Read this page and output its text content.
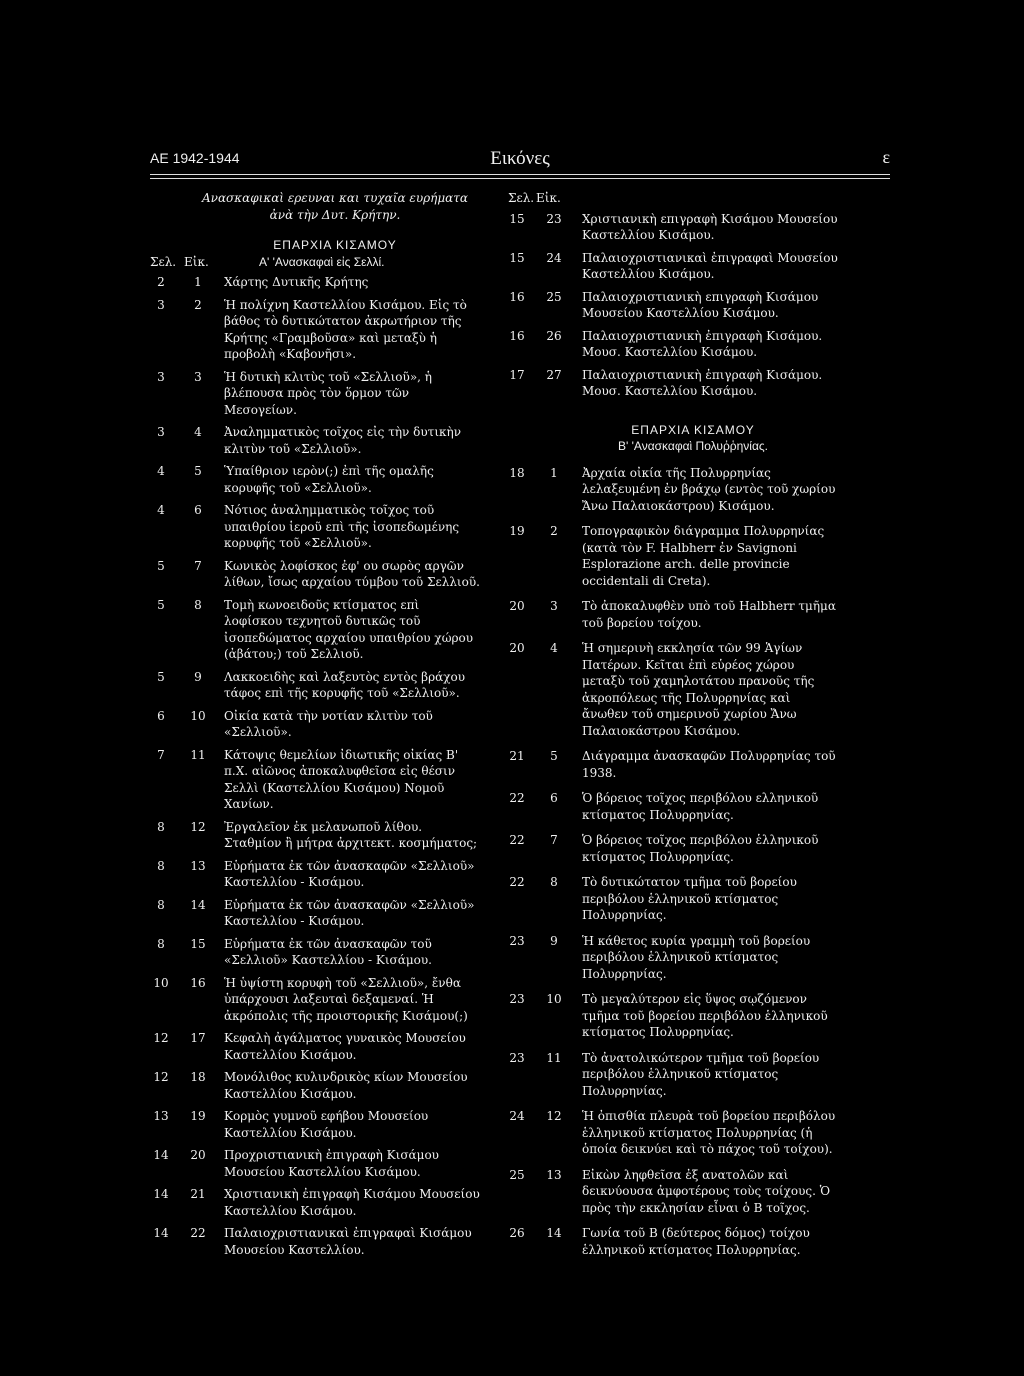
ΑΕ 1942-1944	Εικόνες	ε
Ανασκαφικαὶ ερευναι και τυχαῖα ευρήματα
ἀνὰ τὴν Δυτ. Κρήτην.
ΕΠΑΡΧΙΑ ΚΙΣΑΜΟΥ
Σελ. Εἰκ.	Α' 'Ανασκαφαὶ εἰς Σελλί.
2	1	Χάρτης Δυτικῆς Κρήτης
3	2	Ἡ πολίχνη Καστελλίου Κισάμου. Εἰς τὸ βάθος τὸ δυτικώτατον ἀκρωτήριον τῆς Κρήτης «Γραμβοῦσα» καὶ μεταξὺ ἡ προβολὴ «Καβονῆσι».
3	3	Ἡ δυτικὴ κλιτὺς τοῦ «Σελλιοῦ», ἡ βλέπουσα πρὸς τὸν ὅρμον τῶν Μεσογείων.
3	4	Ἀναλημματικὸς τοῖχος εἰς τὴν δυτικὴν κλιτὺν τοῦ «Σελλιοῦ».
4	5	Ὑπαίθριον ιερὸν(;) ἐπὶ τῆς ομαλῆς κορυφῆς τοῦ «Σελλιοῦ».
4	6	Νότιος ἀναλημματικὸς τοῖχος τοῦ υπαιθρίου ἱεροῦ επὶ τῆς ἰσοπεδωμένης κορυφῆς τοῦ «Σελλιοῦ».
5	7	Κωνικὸς λοφίσκος ἐφ' ου σωρὸς αργῶν λίθων, ἴσως αρχαίου τύμβου τοῦ Σελλιοῦ.
5	8	Τομὴ κωνοειδοῦς κτίσματος επὶ λοφίσκου τεχνητοῦ δυτικῶς τοῦ ἰσοπεδώματος αρχαίου υπαιθρίου χώρου (ἀβάτου;) τοῦ Σελλιοῦ.
5	9	Λακκοειδὴς καὶ λαξευτὸς εντὸς βράχου τάφος επὶ τῆς κορυφῆς τοῦ «Σελλιοῦ».
6	10	Οἰκία κατὰ τὴν νοτίαν κλιτὺν τοῦ «Σελλιοῦ».
7	11	Κάτοψις θεμελίων ἰδιωτικῆς οἰκίας Β' π.Χ. αἰῶνος ἀποκαλυφθεῖσα εἰς θέσιν Σελλὶ (Καστελλίου Κισάμου) Νομοῦ Χανίων.
8	12	Ἐργαλεῖον ἐκ μελανωποῦ λίθου. Σταθμίον ἢ μήτρα ἀρχιτεκτ. κοσμήματος;
8	13	Εὑρήματα ἐκ τῶν ἀνασκαφῶν «Σελλιοῦ» Καστελλίου - Κισάμου.
8	14	Εὑρήματα ἐκ τῶν ἀνασκαφῶν «Σελλιοῦ» Καστελλίου - Κισάμου.
8	15	Εὑρήματα ἐκ τῶν ἀνασκαφῶν τοῦ «Σελλιοῦ» Καστελλίου - Κισάμου.
10	16	Ἡ ὑψίστη κορυφὴ τοῦ «Σελλιοῦ», ἔνθα ὑπάρχουσι λαξευταὶ δεξαμεναί. Ἡ ἀκρόπολις τῆς προιστορικῆς Κισάμου(;)
12	17	Κεφαλὴ ἀγάλματος γυναικὸς Μουσείου Καστελλίου Κισάμου.
12	18	Μονόλιθος κυλινδρικὸς κίων Μουσείου Καστελλίου Κισάμου.
13	19	Κορμὸς γυμνοῦ εφήβου Μουσείου Καστελλίου Κισάμου.
14	20	Προχριστιανικὴ ἐπιγραφὴ Κισάμου Μουσείου Καστελλίου Κισάμου.
14	21	Χριστιανικὴ ἐπιγραφὴ Κισάμου Μουσείου Καστελλίου Κισάμου.
14	22	Παλαιοχριστιανικαὶ ἐπιγραφαὶ Κισάμου Μουσείου Καστελλίου.
Σελ. Εἰκ.
15	23	Χριστιανικὴ επιγραφὴ Κισάμου Μουσείου Καστελλίου Κισάμου.
15	24	Παλαιοχριστιανικαὶ ἐπιγραφαὶ Μουσείου Καστελλίου Κισάμου.
16	25	Παλαιοχριστιανικὴ επιγραφὴ Κισάμου Μουσείου Καστελλίου Κισάμου.
16	26	Παλαιοχριστιανικὴ ἐπιγραφὴ Κισάμου. Μουσ. Καστελλίου Κισάμου.
17	27	Παλαιοχριστιανικὴ ἐπιγραφὴ Κισάμου. Μουσ. Καστελλίου Κισάμου.
ΕΠΑΡΧΙΑ ΚΙΣΑΜΟΥ
Β' 'Ανασκαφαὶ Πολυῤῥηνίας.
18	1	Ἀρχαία οἰκία τῆς Πολυρρηνίας λελαξευμένη ἐν βράχῳ (εντὸς τοῦ χωρίου Ἄνω Παλαιοκάστρου) Κισάμου.
19	2	Τοπογραφικὸν διάγραμμα Πολυρρηνίας (κατὰ τὸν F. Halbherr ἐν Savignoni Esplorazione arch. delle provincie occidentali di Creta).
20	3	Τὸ ἀποκαλυφθὲν υπὸ τοῦ Halbherr τμῆμα τοῦ βορείου τοίχου.
20	4	Ἡ σημερινὴ εκκλησία τῶν 99 Ἁγίων Πατέρων. Κεῖται ἐπὶ εὑρέος χώρου μεταξὺ τοῦ χαμηλοτάτου πρανοῦς τῆς ἀκροπόλεως τῆς Πολυρρηνίας καὶ ἄνωθεν τοῦ σημερινοῦ χωρίου Ἄνω Παλαιοκάστρου Κισάμου.
21	5	Διάγραμμα ἀνασκαφῶν Πολυρρηνίας τοῦ 1938.
22	6	Ὁ βόρειος τοῖχος περιβόλου ελληνικοῦ κτίσματος Πολυρρηνίας.
22	7	Ὁ βόρειος τοῖχος περιβόλου ἑλληνικοῦ κτίσματος Πολυρρηνίας.
22	8	Τὸ δυτικώτατον τμῆμα τοῦ βορείου περιβόλου ἑλληνικοῦ κτίσματος Πολυρρηνίας.
23	9	Ἡ κάθετος κυρία γραμμὴ τοῦ βορείου περιβόλου ἑλληνικοῦ κτίσματος Πολυρρηνίας.
23	10	Τὸ μεγαλύτερον εἰς ὕψος σῳζόμενον τμῆμα τοῦ βορείου περιβόλου ἑλληνικοῦ κτίσματος Πολυρρηνίας.
23	11	Τὸ ἀνατολικώτερον τμῆμα τοῦ βορείου περιβόλου ἑλληνικοῦ κτίσματος Πολυρρηνίας.
24	12	Ἡ ὀπισθία πλευρὰ τοῦ βορείου περιβόλου ἑλληνικοῦ κτίσματος Πολυρρηνίας (ἡ ὁποία δεικνύει καὶ τὸ πάχος τοῦ τοίχου).
25	13	Εἰκὼν ληφθεῖσα ἐξ ανατολῶν καὶ δεικνύουσα ἀμφοτέρους τοὺς τοίχους. Ὁ πρὸς τὴν εκκλησίαν εἶναι ὁ Β τοῖχος.
26	14	Γωνία τοῦ Β (δεύτερος δόμος) τοίχου ἑλληνικοῦ κτίσματος Πολυρρηνίας.
